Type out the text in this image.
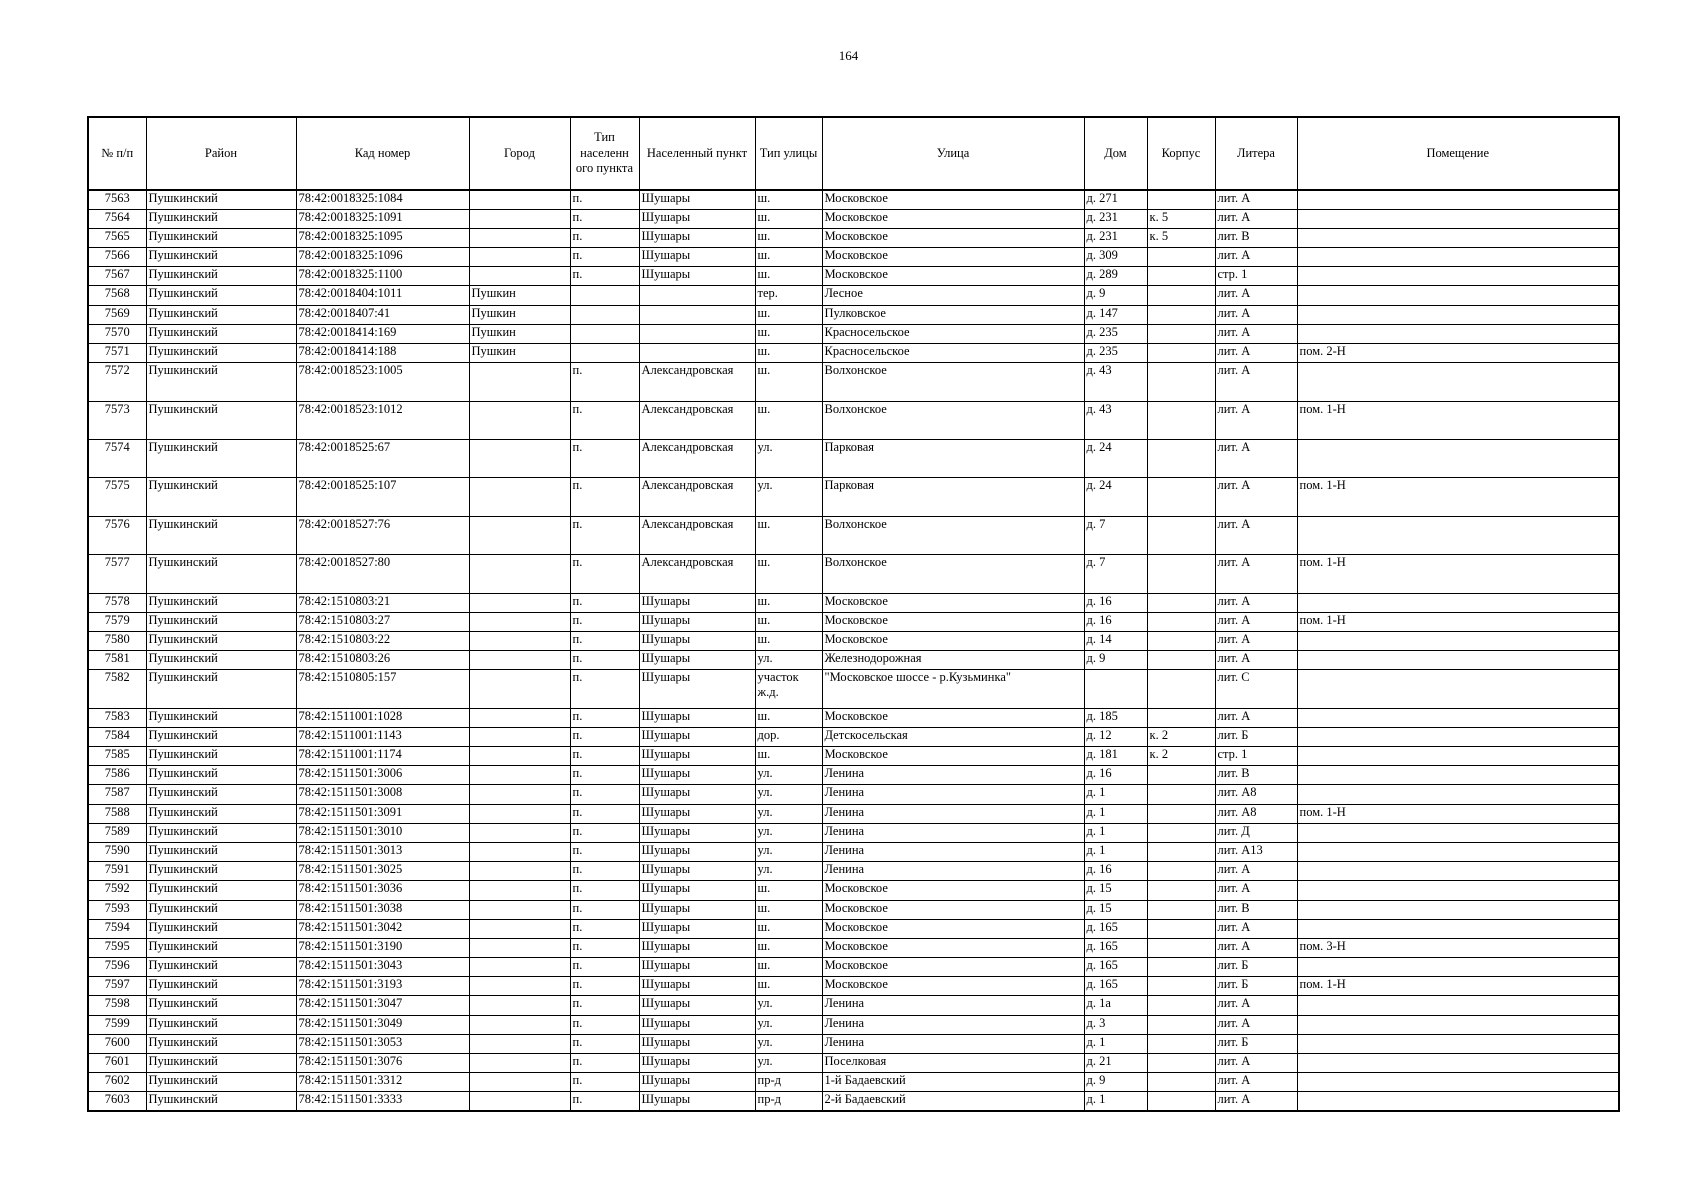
164
№ п/п	Район	Кад номер	Город	Тип населенн ого пункта	Населенный пункт	Тип улицы	Улица	Дом	Корпус	Литера	Помещение
7563	Пушкинский	78:42:0018325:1084		п.	Шушары	ш.	Московское	д. 271		лит. А	
7564	Пушкинский	78:42:0018325:1091		п.	Шушары	ш.	Московское	д. 231	к. 5	лит. А	
7565	Пушкинский	78:42:0018325:1095		п.	Шушары	ш.	Московское	д. 231	к. 5	лит. В	
7566	Пушкинский	78:42:0018325:1096		п.	Шушары	ш.	Московское	д. 309		лит. А	
7567	Пушкинский	78:42:0018325:1100		п.	Шушары	ш.	Московское	д. 289		стр. 1	
7568	Пушкинский	78:42:0018404:1011	Пушкин			тер.	Лесное	д. 9		лит. А	
7569	Пушкинский	78:42:0018407:41	Пушкин			ш.	Пулковское	д. 147		лит. А	
7570	Пушкинский	78:42:0018414:169	Пушкин			ш.	Красносельское	д. 235		лит. А	
7571	Пушкинский	78:42:0018414:188	Пушкин			ш.	Красносельское	д. 235		лит. А	пом. 2-Н
7572	Пушкинский	78:42:0018523:1005		п.	Александровская	ш.	Волхонское	д. 43		лит. А	
7573	Пушкинский	78:42:0018523:1012		п.	Александровская	ш.	Волхонское	д. 43		лит. А	пом. 1-Н
7574	Пушкинский	78:42:0018525:67		п.	Александровская	ул.	Парковая	д. 24		лит. А	
7575	Пушкинский	78:42:0018525:107		п.	Александровская	ул.	Парковая	д. 24		лит. А	пом. 1-Н
7576	Пушкинский	78:42:0018527:76		п.	Александровская	ш.	Волхонское	д. 7		лит. А	
7577	Пушкинский	78:42:0018527:80		п.	Александровская	ш.	Волхонское	д. 7		лит. А	пом. 1-Н
7578	Пушкинский	78:42:1510803:21		п.	Шушары	ш.	Московское	д. 16		лит. А	
7579	Пушкинский	78:42:1510803:27		п.	Шушары	ш.	Московское	д. 16		лит. А	пом. 1-Н
7580	Пушкинский	78:42:1510803:22		п.	Шушары	ш.	Московское	д. 14		лит. А	
7581	Пушкинский	78:42:1510803:26		п.	Шушары	ул.	Железнодорожная	д. 9		лит. А	
7582	Пушкинский	78:42:1510805:157		п.	Шушары	участок ж.д.	"Московское шоссе - р.Кузьминка"			лит. С	
7583	Пушкинский	78:42:1511001:1028		п.	Шушары	ш.	Московское	д. 185		лит. А	
7584	Пушкинский	78:42:1511001:1143		п.	Шушары	дор.	Детскосельская	д. 12	к. 2	лит. Б	
7585	Пушкинский	78:42:1511001:1174		п.	Шушары	ш.	Московское	д. 181	к. 2	стр. 1	
7586	Пушкинский	78:42:1511501:3006		п.	Шушары	ул.	Ленина	д. 16		лит. В	
7587	Пушкинский	78:42:1511501:3008		п.	Шушары	ул.	Ленина	д. 1		лит. А8	
7588	Пушкинский	78:42:1511501:3091		п.	Шушары	ул.	Ленина	д. 1		лит. А8	пом. 1-Н
7589	Пушкинский	78:42:1511501:3010		п.	Шушары	ул.	Ленина	д. 1		лит. Д	
7590	Пушкинский	78:42:1511501:3013		п.	Шушары	ул.	Ленина	д. 1		лит. А13	
7591	Пушкинский	78:42:1511501:3025		п.	Шушары	ул.	Ленина	д. 16		лит. А	
7592	Пушкинский	78:42:1511501:3036		п.	Шушары	ш.	Московское	д. 15		лит. А	
7593	Пушкинский	78:42:1511501:3038		п.	Шушары	ш.	Московское	д. 15		лит. В	
7594	Пушкинский	78:42:1511501:3042		п.	Шушары	ш.	Московское	д. 165		лит. А	
7595	Пушкинский	78:42:1511501:3190		п.	Шушары	ш.	Московское	д. 165		лит. А	пом. 3-Н
7596	Пушкинский	78:42:1511501:3043		п.	Шушары	ш.	Московское	д. 165		лит. Б	
7597	Пушкинский	78:42:1511501:3193		п.	Шушары	ш.	Московское	д. 165		лит. Б	пом. 1-Н
7598	Пушкинский	78:42:1511501:3047		п.	Шушары	ул.	Ленина	д. 1а		лит. А	
7599	Пушкинский	78:42:1511501:3049		п.	Шушары	ул.	Ленина	д. 3		лит. А	
7600	Пушкинский	78:42:1511501:3053		п.	Шушары	ул.	Ленина	д. 1		лит. Б	
7601	Пушкинский	78:42:1511501:3076		п.	Шушары	ул.	Поселковая	д. 21		лит. А	
7602	Пушкинский	78:42:1511501:3312		п.	Шушары	пр-д	1-й Бадаевский	д. 9		лит. А	
7603	Пушкинский	78:42:1511501:3333		п.	Шушары	пр-д	2-й Бадаевский	д. 1		лит. А	
